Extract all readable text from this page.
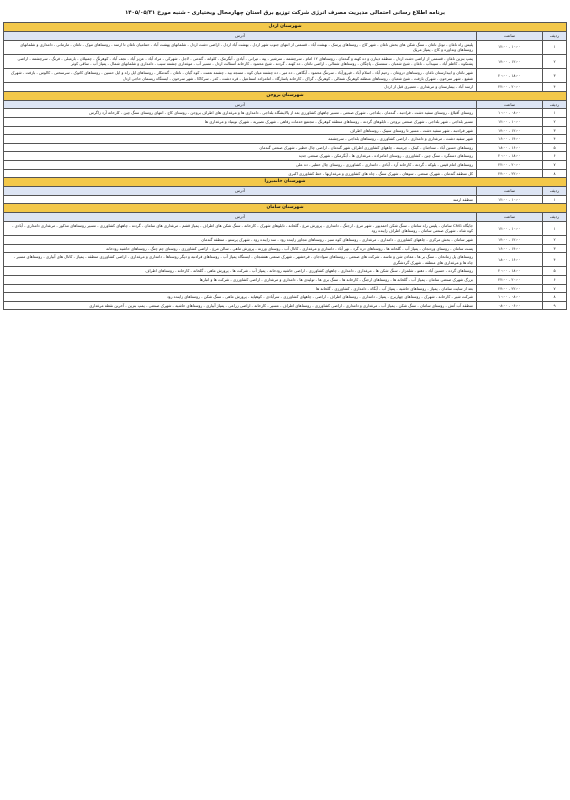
برنامه اطلاع رسانی احتمالی مدیریت مصرف انرژی شرکت توزیع برق استان چهارمحال وبختیاری - شنبه مورخ ۱۴۰۵/۰۵/۳۱
شهرستان اردل		
ردیف	ساعت	آدرس
۱	۱۰:۰۰ - ۱۲:۰۰	پلیس راه ناغان - تونل ناغان - سنگ شکن های بخش ناغان - شهر کاج - روستاهای پرسک - بهشت آباد - قسمتی از انتهای جنوب شهر اردل - بهشت آباد اردل - اراضی دشت اردل - شلمانهای پهشت آباد - حمامیان ناغان تا ارمند - روستاهای تنوک - ناغان - مارمانی - دامداری و شلمانهای روستاهای ونداوره و کاج - پمپاژ مرپک
۲	۱۲:۰۰ - ۱۴:۰۰	پمپ بنزین ناغان - قسمتی از اراضی دشت اردل - منطقه دینارن و ده کهنه و گندمان - روستاهای ۱۲ امام - سرچشمه - سرشیر - پپه - تیرانی - آبادی - آبگرمک - کلوانه - گندمی - لاجل - شهرکی - مراد آباد - عزیز آباد - نجف آباد - کوهرنگ - چمبیلان - بارمبلی - فرنگ - سرچشمه - اراضی پشتکوه - کاظم آباد - سپیدآب - ناغان - شیخ شعبان - سمسک - پاچگان - روستاهای شمالی - اراضی ناغان - ده کهنه - گردنه - شیخ محمود - کارخانه آسفالت اردل - مسیر آب - موغداری چشمه سیب - دامداری و شلمانهای شمال - پمپاژ آب - ساقی کوثر
۳	۱۸:۰۰ - ۲۰:۰۰	شهر ناغان و ابیدارستان ناغان - روستاهای دروغان - رحیم آباد - اسلام آباد - فیروزآباد - سرتنگ محمود - آبگاهی - ده میر - ده چشمه میان کوه - مسجد بید - چشمه نعمت - کوه گیان - ناغان - گندمکار - روستاهای ایل راه و ایل حسین - روستاهای کاتوک - سرسختی - کالوس - بازفت - شهرک شفیع - شهر سرخون - شهرک بازفت - شیخ شعبان - روستاهای منطقه کوهرنگ شمالی - کوهرنگ - گزاک - کارخانه پاسارگاد - امامزاده اسماعیل - قره دشت - کدر - سرکاکا - شهر سرخون - ایستگاه ریسمان حاجی اردل
۴	۲۰:۰۰ - ۲۲:۰۰	ارمند آباد - بیمارستان و مرغداری - تعمیری قبل از اردل
شهرستان بروجن		
ردیف	ساعت	آدرس
۱	۰۸:۰۰ - ۱۰:۰۰	روستای آقبلاغ - روستای سفید دشت - فرادنبه - گندمان - بلداجی - شهرک صنعتی - مسیر چاههای کشاورزی بعد از پالایشگاه بلداجی - دامداری ها و مرغداری های اطراف بروجن - روستای کاج - انتهای روستای سنگ چین - کارخانه آرد زاگرس
۲	۱۰:۰۰ - ۱۲:۰۰	مسیر بلداجی - شهر بلداجی - شهرک صنعتی بروجن - تابلوهای گردنه - روستاهای منطقه کوهرنگ - مجتمع خدمات رفاهی - شهرک نصیریه - شهرک نوبنیاد و مرغداری ها
۳	۱۲:۰۰ - ۱۴:۰۰	شهر فرادنبه - شهر سفید دشت - مسیر تا روستای سیبک - روستاهای اطراف
۴	۱۴:۰۰ - ۱۶:۰۰	شهر سفید دشت - مرغداری و دامداری - اراضی کشاورزی - روستاهای بلداجی - سرچشمه
۵	۱۶:۰۰ - ۱۸:۰۰	روستاهای حسین آباد - ستاجنان - کینک - چرمینه - چاههای کشاورزی اطراف شهر گندمان - اراضی چال خطیر - شهرک صنعتی گندمان
۶	۱۸:۰۰ - ۲۰:۰۰	روستاهای دستگرد - سنگ چین - کشاورزی - روستای امامزاده - مرغداری ها - آبگرمکن - شهرک صنعتی جدید
۷	۲۰:۰۰ - ۲۲:۰۰	روستاهای امام قیس - بلوکه - گردنه - کارخانه آرد - آبادی - دامداری - کشاورزی - روستای چال خطیر - ده علی
۸	۲۲:۰۰ - ۲۴:۰۰	کل منطقه گندمان - شهرک صنعتی - سوهان - شهرک سنگ - چاه های کشاورزی و مرغداریها - خط کشاورزی اکبری
شهرستان خانمیرزا		
ردیف	ساعت	آدرس
۱	۱۰:۰۰ - ۱۲:۰۰	منطقه ارمند
شهرستان سامان		
ردیف	ساعت	آدرس
۱	۱۰:۰۰ - ۱۲:۰۰	جایگاه CNG سامان - پلیس راه سامان - سنگ شکن احمدپور - شهر مرغ - ارجنگ - دامداری - پرورش مرغ - گلخانه - تابلوهای شهرک - کارخانه - سنگ شکن های اطراف - پمپاژ قشم - مرغداری های سامان - گردنه - چاههای کشاورزی - مسیر روستاهای مذکور - مرغداری دامداری - آبادی - کوه شاه - شهرک صنعتی سامان - روستاهای اطراف زاینده رود
۲	۱۲:۰۰ - ۱۴:۰۰	شهر سامان - بخش مرکزی - چاههای کشاورزی - دامداری - مرغداری - روستاهای کوه سبز - روستاهای مجاور زاینده رود - سد زاینده رود - شهرک پرستو - منطقه گندمان
۳	۱۴:۰۰ - ۱۶:۰۰	پست سامان - روستای وردنجان - پمپاژ آب - گلخانه ها - روستاهای دره گرد - نهر آباد - دامداری و مرغداری - کانال آب - روستای ورزنه - پرورش ماهی - سالن مرغ - اراضی کشاورزی - روستای چم چنگ - روستاهای حاشیه رودخانه
۴	۱۶:۰۰ - ۱۸:۰۰	روستاهای پل زمانخان - سنگ بر ها - معادن شن و ماسه - شرکت های صنعتی - روستاهای سوادجان - فرخشهر - شهرک صنعتی هفشجان - ایستگاه پمپاژ آب - روستاهای فرادنبه و دیگر روستاها - دامداری و مرغداری - اراضی کشاورزی منطقه - پمپاژ - کانال های آبیاری - روستاهای مسیر - چاه ها و مرغداری های منطقه - شهرک گردشگری
۵	۱۸:۰۰ - ۲۰:۰۰	روستاهای گرده - حسین آباد - دهنو - شلمزار - سنگ شکن ها - مرغداری - دامداری - چاههای کشاورزی - اراضی حاشیه رودخانه - پمپاژ آب - شرکت ها - پرورش ماهی - گلخانه - کارخانه - روستاهای اطراف
۶	۲۰:۰۰ - ۲۲:۰۰	بزرگ شهرک صنعتی سامان - پمپاژ آب - گلخانه ها - روستاهای ارجنگ - کارخانه ها - سنگ بری ها - تولیدی ها - دامداری و مرغداری - اراضی کشاورزی - شرکت ها و انبارها
۷	۲۲:۰۰ - ۲۴:۰۰	بعد از سایت سامان - پمپاژ - روستاهای حاشیه - پمپاژ آب - آبگاه - دامداری - کشاورزی - گلخانه ها
۸	۰۸:۰۰ - ۱۰:۰۰	شرکت شیر - کارخانه - شهرک - روستاهای چهاربرج - پمپاژ - دامداری - روستاهای اطراف - اراضی - چاههای کشاورزی - سرآبادی - کوهپایه - پرورش ماهی - سنگ شکن - روستاهای زاینده رود
۹	۰۶:۰۰ - ۰۸:۰۰	منطقه آب آتش - روستای سامان - سنگ شکن - پمپاژ آب - مرغداری و دامداری - اراضی کشاورزی - روستاهای اطراف - مسیر - کارخانه - اراضی زراعی - پمپاژ آبیاری - روستاهای حاشیه - شهرک صنعتی - پمپ بنزین - آخرین نقطه مرغداری
